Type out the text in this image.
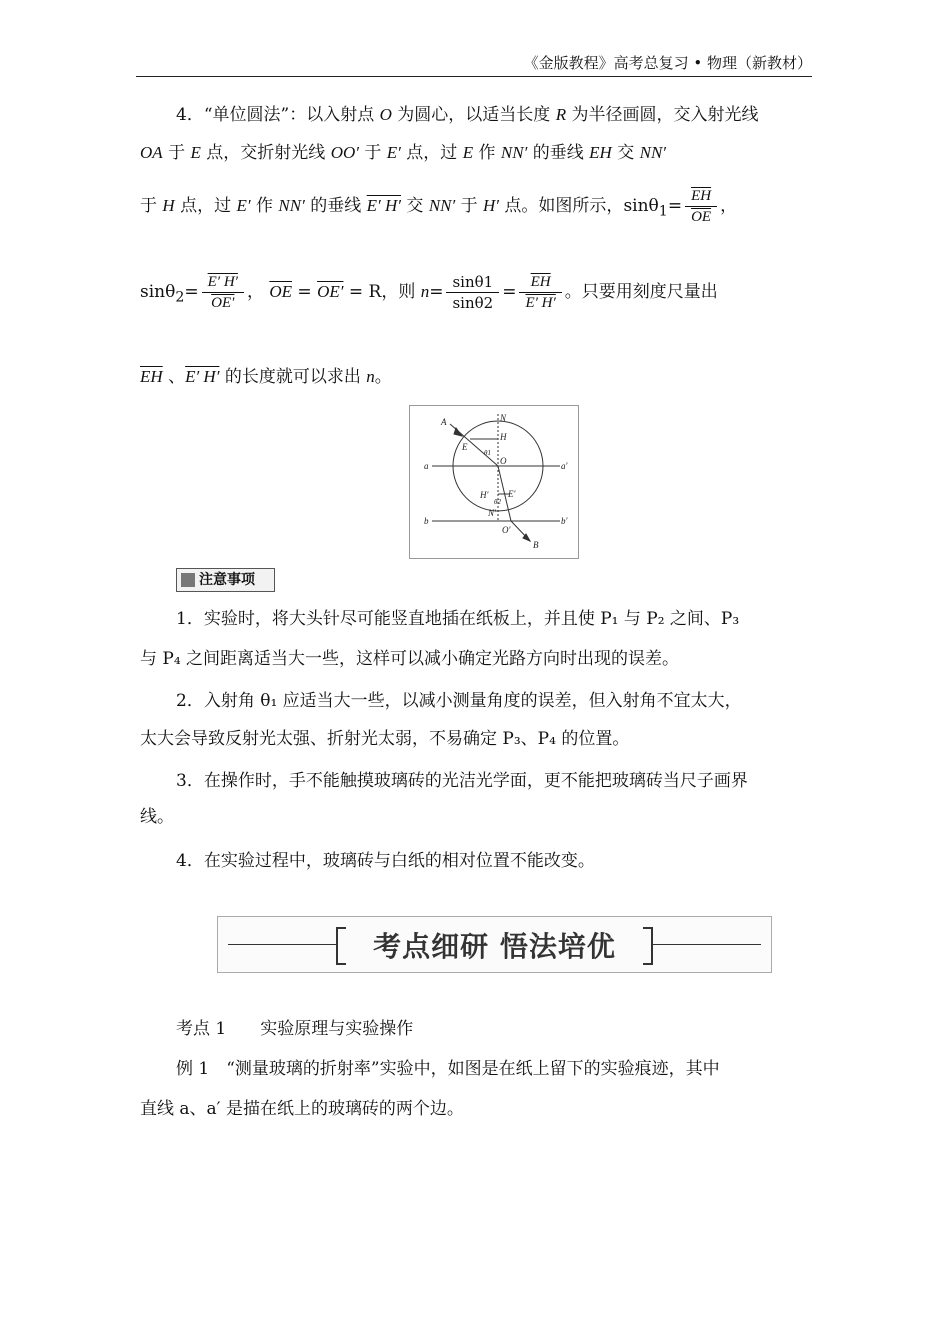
《金版教程》高考总复习 • 物理（新教材）
4．“单位圆法”：以入射点 O 为圆心，以适当长度 R 为半径画圆，交入射光线
OA 于 E 点，交折射光线 OO′ 于 E′ 点，过 E 作 NN′ 的垂线 EH 交 NN′
于 H 点，过 E′ 作 NN′ 的垂线 E′ H′ 交 NN′ 于 H′ 点。如图所示，$\sin\theta_1= \frac{\overline{EH}}{OE}$ ，
$\sin\theta_2= \frac{E' H'}{OE'}$ ， $\overline{OE} = OE' = R$，则 $n= \frac{\sin\theta 1}{\sin\theta 2} = \frac{\overline{EH}}{E' H'}$ 。只要用刻度尺量出
$\overline{EH}$ 、E′ H′ 的长度就可以求出 n。
A	N
H
E
θ1
O
a	a′
H′
θ2
E′
N′
b	b′
O′
B
注意事项
1．实验时，将大头针尽可能竖直地插在纸板上，并且使 P₁ 与 P₂ 之间、P₃
与 P₄ 之间距离适当大一些，这样可以减小确定光路方向时出现的误差。
2．入射角 θ₁ 应适当大一些，以减小测量角度的误差，但入射角不宜太大，
太大会导致反射光太强、折射光太弱，不易确定 P₃、P₄ 的位置。
3．在操作时，手不能触摸玻璃砖的光洁光学面，更不能把玻璃砖当尺子画界
线。
4．在实验过程中，玻璃砖与白纸的相对位置不能改变。
考点细研 悟法培优
考点 1　　实验原理与实验操作
例 1　“测量玻璃的折射率”实验中，如图是在纸上留下的实验痕迹，其中
直线 a、a′ 是描在纸上的玻璃砖的两个边。
